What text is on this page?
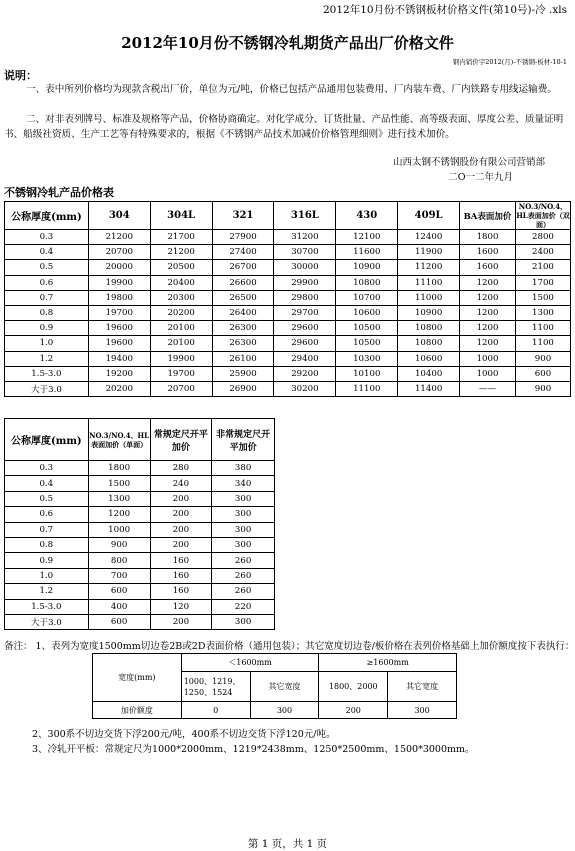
2012年10月份不锈钢板材价格文件(第10号)-冷 .xls
2012年10月份不锈钢冷轧期货产品出厂价格文件
钢内销价字2012(月)-不锈钢-板材-10-1
说明：
一、表中所列价格均为现款含税出厂价，单位为元/吨，价格已包括产品通用包装费用、厂内装车费、厂内铁路专用线运输费。
二、对非表列牌号、标准及规格等产品，价格协商确定。对化学成分、订货批量、产品性能、高等级表面、厚度公差、质量证明书、船级社资质、生产工艺等有特殊要求的，根据《不锈钢产品技术加减价价格管理细则》进行技术加价。
山西太钢不锈钢股份有限公司营销部
二O一二年九月
不锈钢冷轧产品价格表
公称厚度(mm)	304	304L	321	316L	430	409L	BA表面加价	NO.3/NO.4、HL表面加价（双面）
0.3	21200	21700	27900	31200	12100	12400	1800	2800
0.4	20700	21200	27400	30700	11600	11900	1600	2400
0.5	20000	20500	26700	30000	10900	11200	1600	2100
0.6	19900	20400	26600	29900	10800	11100	1200	1700
0.7	19800	20300	26500	29800	10700	11000	1200	1500
0.8	19700	20200	26400	29700	10600	10900	1200	1300
0.9	19600	20100	26300	29600	10500	10800	1200	1100
1.0	19600	20100	26300	29600	10500	10800	1200	1100
1.2	19400	19900	26100	29400	10300	10600	1000	900
1.5-3.0	19200	19700	25900	29200	10100	10400	1000	600
大于3.0	20200	20700	26900	30200	11100	11400	——	900
公称厚度(mm)	NO.3/NO.4、HL表面加价（单面）	常规定尺开平加价	非常规定尺开平加价
0.3	1800	280	380
0.4	1500	240	340
0.5	1300	200	300
0.6	1200	200	300
0.7	1000	200	300
0.8	900	200	300
0.9	800	160	260
1.0	700	160	260
1.2	600	160	260
1.5-3.0	400	120	220
大于3.0	600	200	300
备注： 1、表列为宽度1500mm切边卷2B或2D表面价格（通用包装）；其它宽度切边卷/板价格在表列价格基础上加价额度按下表执行：
宽度(mm)	＜1600mm		≥1600mm	
	1000、1219、1250、1524	其它宽度	1800、2000	其它宽度
加价额度	0	300	200	300
2、300系不切边交货下浮200元/吨，400系不切边交货下浮120元/吨。
3、冷轧开平板：常规定尺为1000*2000mm、1219*2438mm、1250*2500mm、1500*3000mm。
第 1 页，共 1 页
